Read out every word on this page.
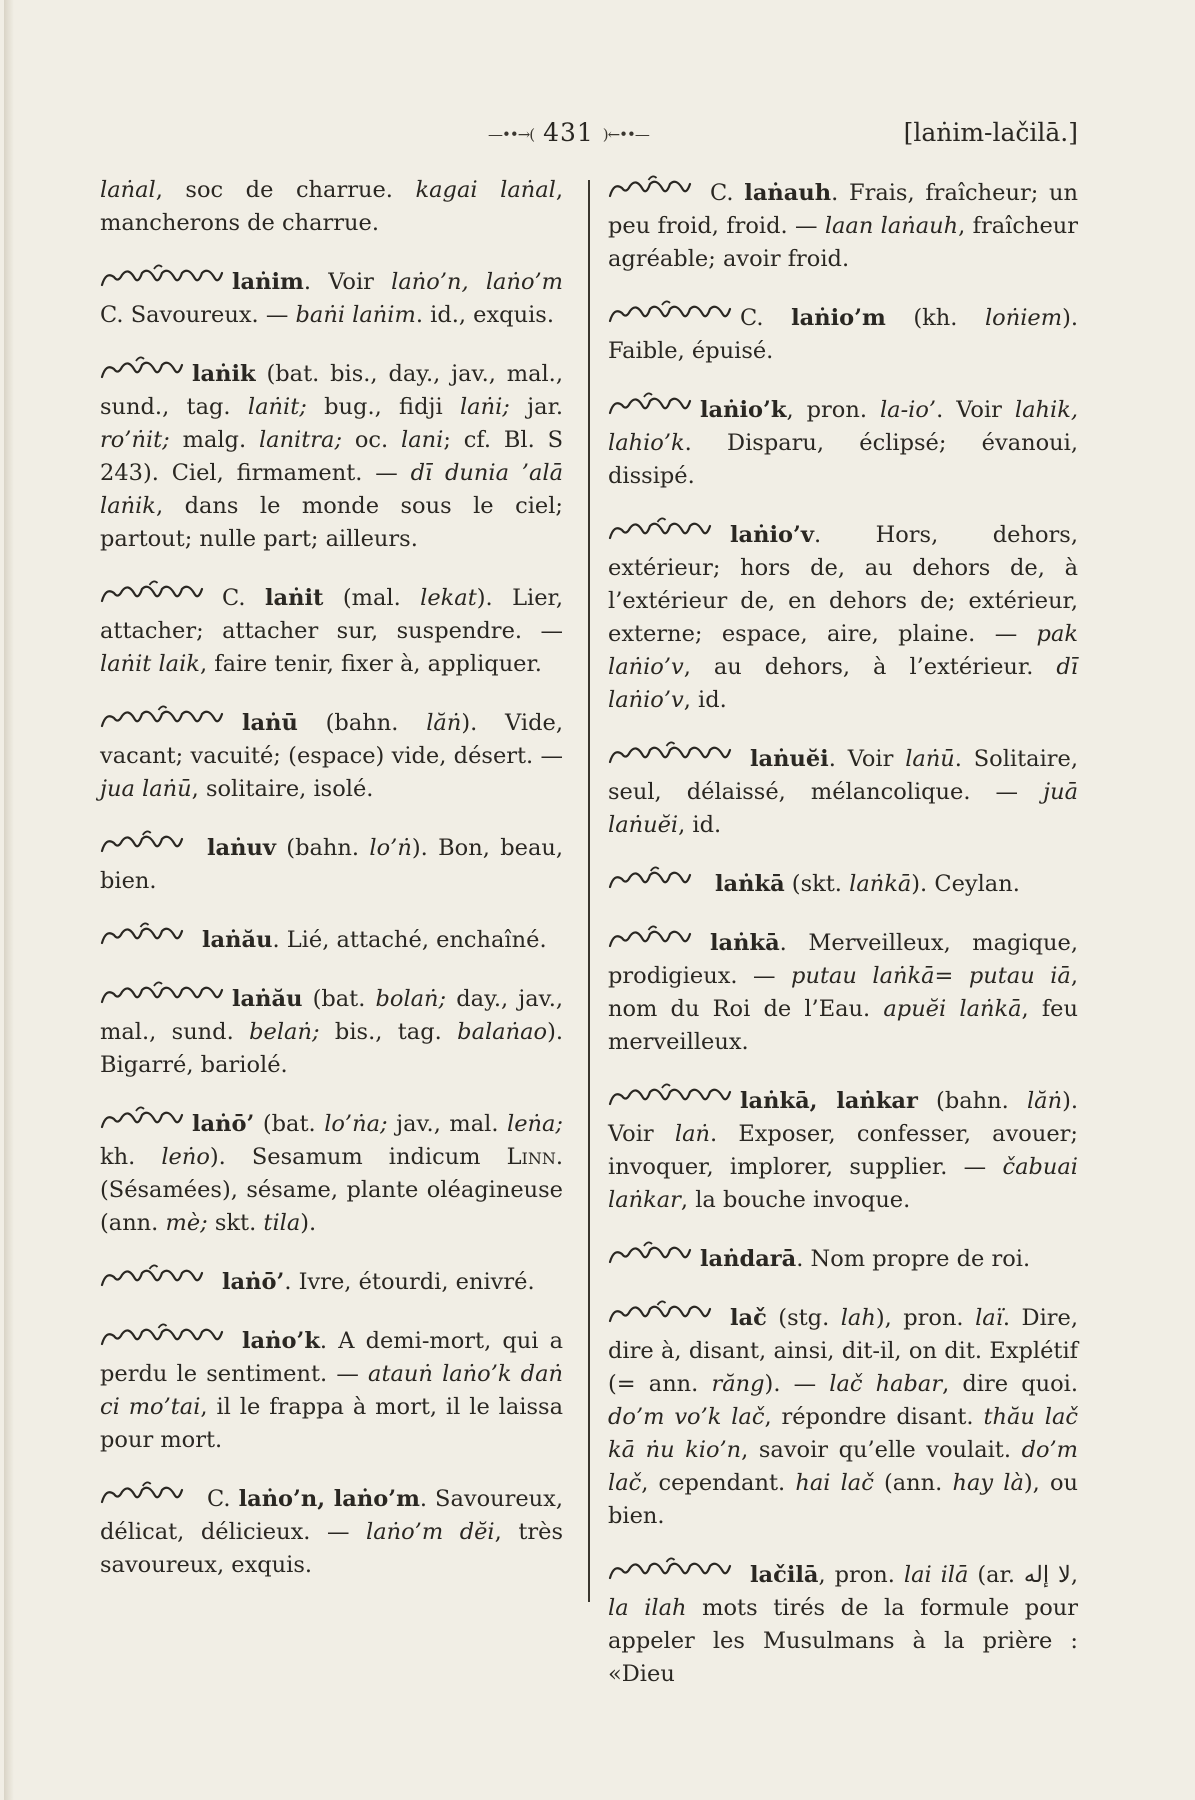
—••→( 431 )←••—	[laṅim-lačilā.]

laṅal, soc de charrue. kagai laṅal, mancherons de charrue.

laṅim. Voir laṅo’n, laṅo’m C. Savoureux. — baṅi laṅim. id., exquis.

laṅik (bat. bis., day., jav., mal., sund., tag. laṅit; bug., fidji laṅi; jar. ro’ṅit; malg. lanitra; oc. lani; cf. Bl. S 243). Ciel, firmament. — dī dunia ’alā laṅik, dans le monde sous le ciel; partout; nulle part; ailleurs.

C. laṅit (mal. lekat). Lier, attacher; attacher sur, suspendre. — laṅit laik, faire tenir, fixer à, appliquer.

laṅū (bahn. lăṅ). Vide, vacant; vacuité; (espace) vide, désert. — jua laṅū, solitaire, isolé.

laṅuv (bahn. lo’ṅ). Bon, beau, bien.

laṅău. Lié, attaché, enchaîné.

laṅău (bat. bolaṅ; day., jav., mal., sund. belaṅ; bis., tag. balaṅao). Bigarré, bariolé.

laṅō’ (bat. lo’ṅa; jav., mal. leṅa; kh. leṅo). Sesamum indicum Linn. (Sésamées), sésame, plante oléagineuse (ann. mè; skt. tila).

laṅō’. Ivre, étourdi, enivré.

laṅo’k. A demi-mort, qui a perdu le sentiment. — atauṅ laṅo’k daṅ ci mo’tai, il le frappa à mort, il le laissa pour mort.

C. laṅo’n, laṅo’m. Savoureux, délicat, délicieux. — laṅo’m dĕi, très savoureux, exquis.

C. laṅauh. Frais, fraîcheur; un peu froid, froid. — laan laṅauh, fraîcheur agréable; avoir froid.

C. laṅio’m (kh. loṅiem). Faible, épuisé.

laṅio’k, pron. la-io’. Voir lahik, lahio’k. Disparu, éclipsé; évanoui, dissipé.

laṅio’v. Hors, dehors, extérieur; hors de, au dehors de, à l’extérieur de, en dehors de; extérieur, externe; espace, aire, plaine. — pak laṅio’v, au dehors, à l’extérieur. dī laṅio’v, id.

laṅuĕi. Voir laṅū. Solitaire, seul, délaissé, mélancolique. — juā laṅuĕi, id.

laṅkā (skt. laṅkā). Ceylan.

laṅkā. Merveilleux, magique, prodigieux. — putau laṅkā= putau iā, nom du Roi de l’Eau. apuĕi laṅkā, feu merveilleux.

laṅkā, laṅkar (bahn. lăṅ). Voir laṅ. Exposer, confesser, avouer; invoquer, implorer, supplier. — čabuai laṅkar, la bouche invoque.

laṅdarā. Nom propre de roi.

lač (stg. lah), pron. laï. Dire, dire à, disant, ainsi, dit-il, on dit. Explétif (= ann. răng). — lač habar, dire quoi. do’m vo’k lač, répondre disant. thău lač kā ṅu kio’n, savoir qu’elle voulait. do’m lač, cependant. hai lač (ann. hay là), ou bien.

lačilā, pron. lai ilā (ar. لا إله, la ilah mots tirés de la formule pour appeler les Musulmans à la prière : «Dieu
